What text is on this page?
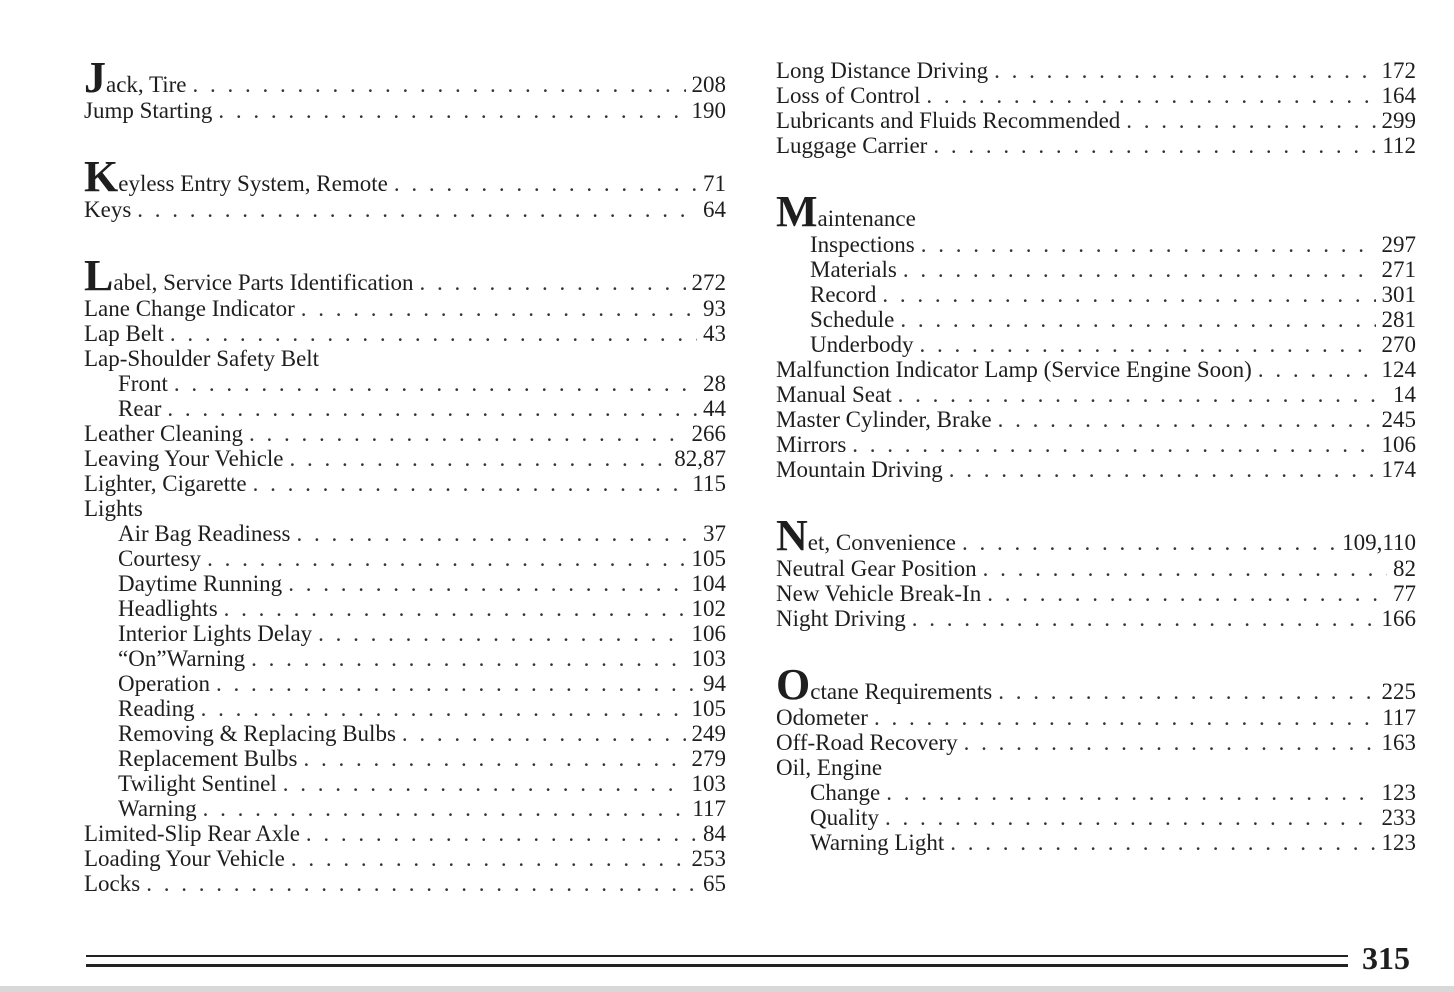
Jack, Tire . . .	208
Jump Starting . . .	190
Keyless Entry System, Remote . . .	71
Keys . . .	64
Label, Service Parts Identification . . .	272
Lane Change Indicator . . .	93
Lap Belt . . .	43
Lap-Shoulder Safety Belt
Front . . .	28
Rear . . .	44
Leather Cleaning . . .	266
Leaving Your Vehicle . . .	82,87
Lighter, Cigarette . . .	115
Lights
Air Bag Readiness . . .	37
Courtesy . . .	105
Daytime Running . . .	104
Headlights . . .	102
Interior Lights Delay . . .	106
“On”Warning . . .	103
Operation . . .	94
Reading . . .	105
Removing & Replacing Bulbs . . .	249
Replacement Bulbs . . .	279
Twilight Sentinel . . .	103
Warning . . .	117
Limited-Slip Rear Axle . . .	84
Loading Your Vehicle . . .	253
Locks . . .	65
Long Distance Driving . . .	172
Loss of Control . . .	164
Lubricants and Fluids Recommended . . .	299
Luggage Carrier . . .	112
Maintenance
Inspections . . .	297
Materials . . .	271
Record . . .	301
Schedule . . .	281
Underbody . . .	270
Malfunction Indicator Lamp (Service Engine Soon) . . .	124
Manual Seat . . .	14
Master Cylinder, Brake . . .	245
Mirrors . . .	106
Mountain Driving . . .	174
Net, Convenience . . .	109,110
Neutral Gear Position . . .	82
New Vehicle Break-In . . .	77
Night Driving . . .	166
Octane Requirements . . .	225
Odometer . . .	117
Off-Road Recovery . . .	163
Oil, Engine
Change . . .	123
Quality . . .	233
Warning Light . . .	123
315
